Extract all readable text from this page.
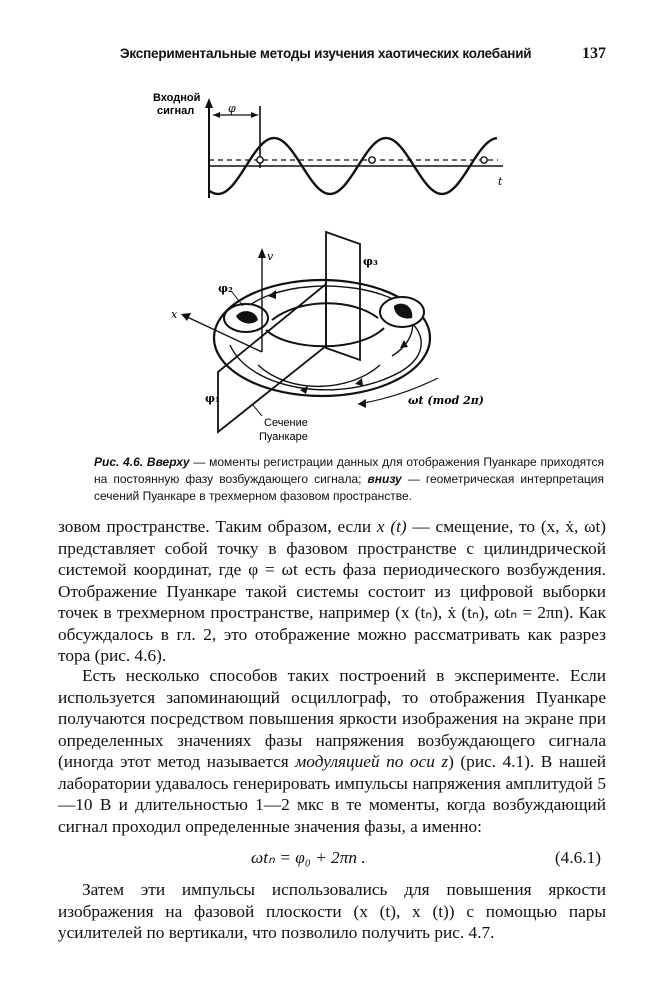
Экспериментальные методы изучения хаотических колебаний	137
Входной
сигнал	φ
t
v
x
φ₂
φ₃
φ₁
Сечение
Пуанкаре
ωt (mod 2π)
Рис. 4.6. Вверху — моменты регистрации данных для отображения Пуанкаре приходятся на постоянную фазу возбуждающего сигнала; внизу — геометрическая интерпретация сечений Пуанкаре в трехмерном фазовом пространстве.
зовом пространстве. Таким образом, если x (t) — смещение, то (x, ẋ, ωt) представляет собой точку в фазовом пространстве с цилиндрической системой координат, где φ = ωt есть фаза периодического возбуждения. Отображение Пуанкаре такой системы состоит из цифровой выборки точек в трехмерном пространстве, например (x (tₙ), ẋ (tₙ), ωtₙ = 2πn). Как обсуждалось в гл. 2, это отображение можно рассматривать как разрез тора (рис. 4.6).
Есть несколько способов таких построений в эксперименте. Если используется запоминающий осциллограф, то отображения Пуанкаре получаются посредством повышения яркости изображения на экране при определенных значениях фазы напряжения возбуждающего сигнала (иногда этот метод называется модуляцией по оси z) (рис. 4.1). В нашей лаборатории удавалось генерировать импульсы напряжения амплитудой 5—10 В и длительностью 1—2 мкс в те моменты, когда возбуждающий сигнал проходил определенные значения фазы, а именно:
ωtₙ = φ₀ + 2πn .	(4.6.1)
Затем эти импульсы использовались для повышения яркости изображения на фазовой плоскости (x (t), x (t)) с помощью пары усилителей по вертикали, что позволило получить рис. 4.7.
